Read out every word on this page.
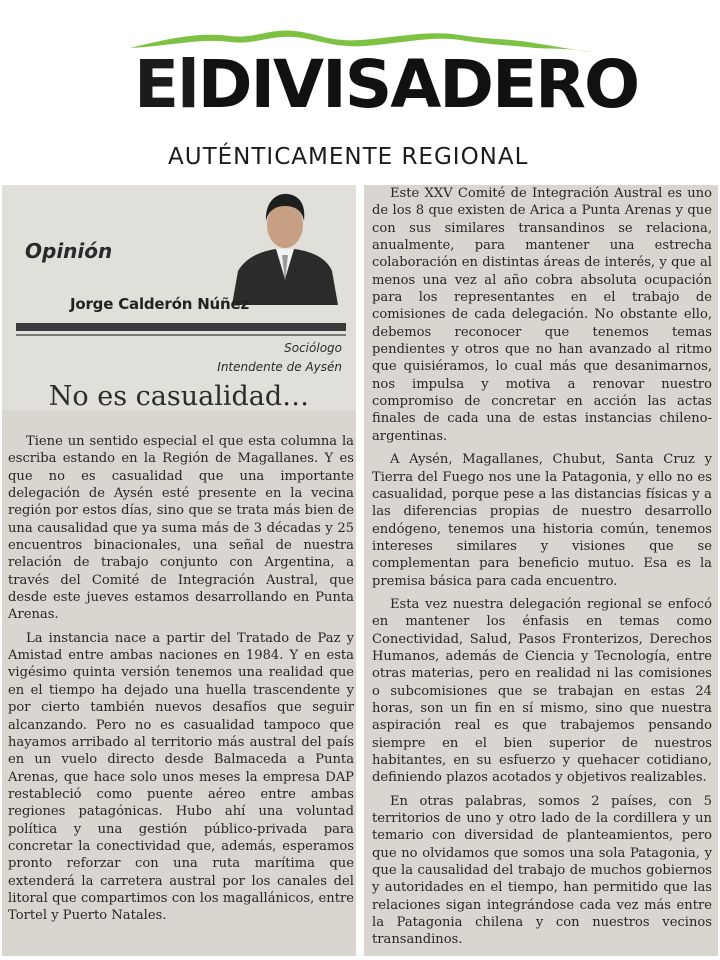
ElDIVISADERO
AUTÉNTICAMENTE REGIONAL
Opinión
Jorge Calderón Núñez
Sociólogo
Intendente de Aysén
No es casualidad…

Tiene un sentido especial el que esta columna la escriba estando en la Región de Magallanes. Y es que no es casualidad que una importante delegación de Aysén esté presente en la vecina región por estos días, sino que se trata más bien de una causalidad que ya suma más de 3 décadas y 25 encuentros binacionales, una señal de nuestra relación de trabajo conjunto con Argentina, a través del Comité de Integración Austral, que desde este jueves estamos desarrollando en Punta Arenas.

La instancia nace a partir del Tratado de Paz y Amistad entre ambas naciones en 1984. Y en esta vigésimo quinta versión tenemos una realidad que en el tiempo ha dejado una huella trascendente y por cierto también nuevos desafíos que seguir alcanzando. Pero no es casualidad tampoco que hayamos arribado al territorio más austral del país en un vuelo directo desde Balmaceda a Punta Arenas, que hace solo unos meses la empresa DAP restableció como puente aéreo entre ambas regiones patagónicas. Hubo ahí una voluntad política y una gestión público-privada para concretar la conectividad que, además, esperamos pronto reforzar con una ruta marítima que extenderá la carretera austral por los canales del litoral que compartimos con los magallánicos, entre Tortel y Puerto Natales.

Este XXV Comité de Integración Austral es uno de los 8 que existen de Arica a Punta Arenas y que con sus similares transandinos se relaciona, anualmente, para mantener una estrecha colaboración en distintas áreas de interés, y que al menos una vez al año cobra absoluta ocupación para los representantes en el trabajo de comisiones de cada delegación. No obstante ello, debemos reconocer que tenemos temas pendientes y otros que no han avanzado al ritmo que quisiéramos, lo cual más que desanimarnos, nos impulsa y motiva a renovar nuestro compromiso de concretar en acción las actas finales de cada una de estas instancias chileno-argentinas.

A Aysén, Magallanes, Chubut, Santa Cruz y Tierra del Fuego nos une la Patagonia, y ello no es casualidad, porque pese a las distancias físicas y a las diferencias propias de nuestro desarrollo endógeno, tenemos una historia común, tenemos intereses similares y visiones que se complementan para beneficio mutuo. Esa es la premisa básica para cada encuentro.

Esta vez nuestra delegación regional se enfocó en mantener los énfasis en temas como Conectividad, Salud, Pasos Fronterizos, Derechos Humanos, además de Ciencia y Tecnología, entre otras materias, pero en realidad ni las comisiones o subcomisiones que se trabajan en estas 24 horas, son un fin en sí mismo, sino que nuestra aspiración real es que trabajemos pensando siempre en el bien superior de nuestros habitantes, en su esfuerzo y quehacer cotidiano, definiendo plazos acotados y objetivos realizables.

En otras palabras, somos 2 países, con 5 territorios de uno y otro lado de la cordillera y un temario con diversidad de planteamientos, pero que no olvidamos que somos una sola Patagonia, y que la causalidad del trabajo de muchos gobiernos y autoridades en el tiempo, han permitido que las relaciones sigan integrándose cada vez más entre la Patagonia chilena y con nuestros vecinos transandinos.
